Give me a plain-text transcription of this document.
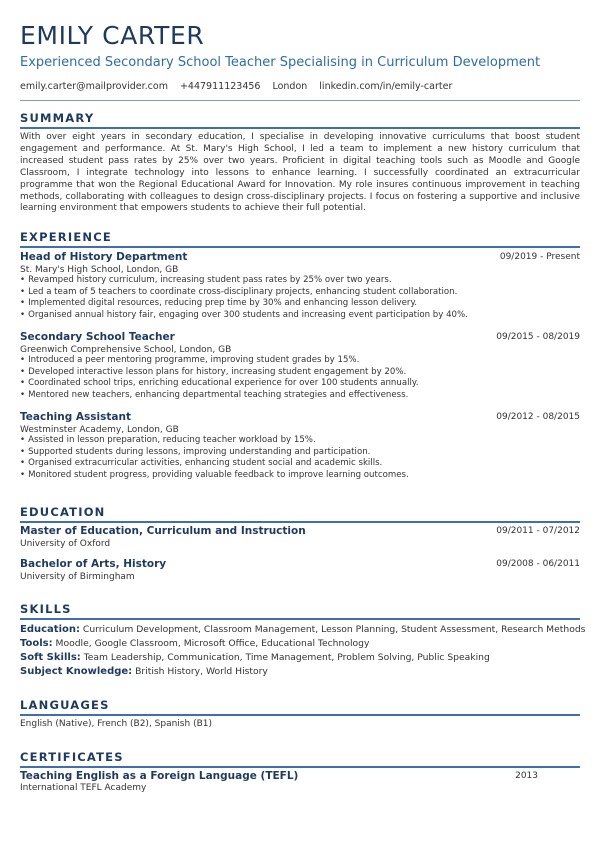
EMILY CARTER
Experienced Secondary School Teacher Specialising in Curriculum Development
emily.carter@mailprovider.com +447911123456 London linkedin.com/in/emily-carter
SUMMARY

With over eight years in secondary education, I specialise in developing innovative curriculums that boost student engagement and performance. At St. Mary's High School, I led a team to implement a new history curriculum that increased student pass rates by 25% over two years. Proficient in digital teaching tools such as Moodle and Google Classroom, I integrate technology into lessons to enhance learning. I successfully coordinated an extracurricular programme that won the Regional Educational Award for Innovation. My role insures continuous improvement in teaching methods, collaborating with colleagues to design cross-disciplinary projects. I focus on fostering a supportive and inclusive learning environment that empowers students to achieve their full potential.

EXPERIENCE
Head of History Department	09/2019 - Present
St. Mary's High School, London, GB
• Revamped history curriculum, increasing student pass rates by 25% over two years.
• Led a team of 5 teachers to coordinate cross-disciplinary projects, enhancing student collaboration.
• Implemented digital resources, reducing prep time by 30% and enhancing lesson delivery.
• Organised annual history fair, engaging over 300 students and increasing event participation by 40%.
Secondary School Teacher	09/2015 - 08/2019
Greenwich Comprehensive School, London, GB
• Introduced a peer mentoring programme, improving student grades by 15%.
• Developed interactive lesson plans for history, increasing student engagement by 20%.
• Coordinated school trips, enriching educational experience for over 100 students annually.
• Mentored new teachers, enhancing departmental teaching strategies and effectiveness.
Teaching Assistant	09/2012 - 08/2015
Westminster Academy, London, GB
• Assisted in lesson preparation, reducing teacher workload by 15%.
• Supported students during lessons, improving understanding and participation.
• Organised extracurricular activities, enhancing student social and academic skills.
• Monitored student progress, providing valuable feedback to improve learning outcomes.
EDUCATION
Master of Education, Curriculum and Instruction	09/2011 - 07/2012
University of Oxford
Bachelor of Arts, History	09/2008 - 06/2011
University of Birmingham
SKILLS
Education: Curriculum Development, Classroom Management, Lesson Planning, Student Assessment, Research Methods
Tools: Moodle, Google Classroom, Microsoft Office, Educational Technology
Soft Skills: Team Leadership, Communication, Time Management, Problem Solving, Public Speaking
Subject Knowledge: British History, World History
LANGUAGES
English (Native), French (B2), Spanish (B1)
CERTIFICATES
Teaching English as a Foreign Language (TEFL)	2013
International TEFL Academy
